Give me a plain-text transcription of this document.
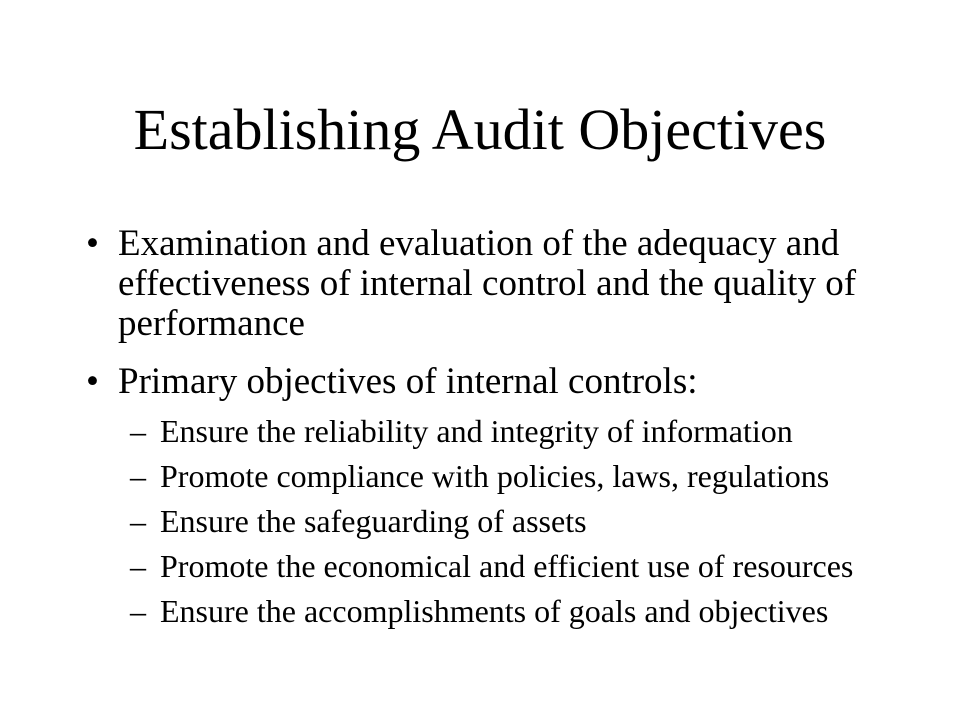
Establishing Audit Objectives
• Examination and evaluation of the adequacy and
effectiveness of internal control and the quality of
performance
• Primary objectives of internal controls:
– Ensure the reliability and integrity of information
– Promote compliance with policies, laws, regulations
– Ensure the safeguarding of assets
– Promote the economical and efficient use of resources
– Ensure the accomplishments of goals and objectives
